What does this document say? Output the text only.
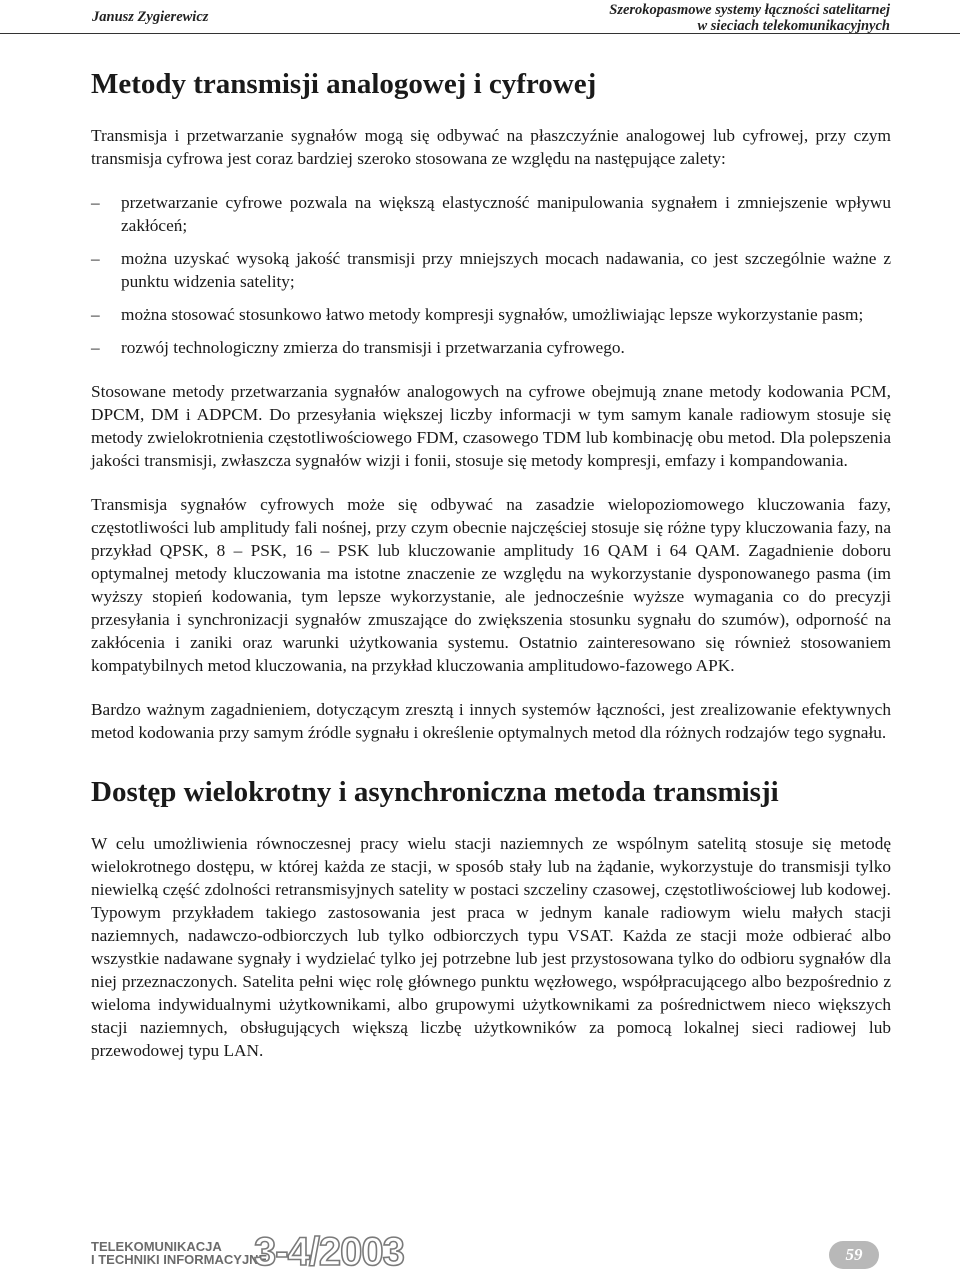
Janusz Zygierewicz	Szerokopasmowe systemy łączności satelitarnej
w sieciach telekomunikacyjnych
Metody transmisji analogowej i cyfrowej

Transmisja i przetwarzanie sygnałów mogą się odbywać na płaszczyźnie analogowej lub cyfrowej, przy czym transmisja cyfrowa jest coraz bardziej szeroko stosowana ze względu na następujące zalety:

– przetwarzanie cyfrowe pozwala na większą elastyczność manipulowania sygnałem i zmniejszenie wpływu zakłóceń;
– można uzyskać wysoką jakość transmisji przy mniejszych mocach nadawania, co jest szczególnie ważne z punktu widzenia satelity;
– można stosować stosunkowo łatwo metody kompresji sygnałów, umożliwiając lepsze wykorzystanie pasm;
– rozwój technologiczny zmierza do transmisji i przetwarzania cyfrowego.

Stosowane metody przetwarzania sygnałów analogowych na cyfrowe obejmują znane metody kodowania PCM, DPCM, DM i ADPCM. Do przesyłania większej liczby informacji w tym samym kanale radiowym stosuje się metody zwielokrotnienia częstotliwościowego FDM, czasowego TDM lub kombinację obu metod. Dla polepszenia jakości transmisji, zwłaszcza sygnałów wizji i fonii, stosuje się metody kompresji, emfazy i kompandowania.

Transmisja sygnałów cyfrowych może się odbywać na zasadzie wielopoziomowego kluczowania fazy, częstotliwości lub amplitudy fali nośnej, przy czym obecnie najczęściej stosuje się różne typy kluczowania fazy, na przykład QPSK, 8 – PSK, 16 – PSK lub kluczowanie amplitudy 16 QAM i 64 QAM. Zagadnienie doboru optymalnej metody kluczowania ma istotne znaczenie ze względu na wykorzystanie dysponowanego pasma (im wyższy stopień kodowania, tym lepsze wykorzystanie, ale jednocześnie wyższe wymagania co do precyzji przesyłania i synchronizacji sygnałów zmuszające do zwiększenia stosunku sygnału do szumów), odporność na zakłócenia i zaniki oraz warunki użytkowania systemu. Ostatnio zainteresowano się również stosowaniem kompatybilnych metod kluczowania, na przykład kluczowania amplitudowo-fazowego APK.

Bardzo ważnym zagadnieniem, dotyczącym zresztą i innych systemów łączności, jest zrealizowanie efektywnych metod kodowania przy samym źródle sygnału i określenie optymalnych metod dla różnych rodzajów tego sygnału.

Dostęp wielokrotny i asynchroniczna metoda transmisji

W celu umożliwienia równoczesnej pracy wielu stacji naziemnych ze wspólnym satelitą stosuje się metodę wielokrotnego dostępu, w której każda ze stacji, w sposób stały lub na żądanie, wykorzystuje do transmisji tylko niewielką część zdolności retransmisyjnych satelity w postaci szczeliny czasowej, częstotliwościowej lub kodowej. Typowym przykładem takiego zastosowania jest praca w jednym kanale radiowym wielu małych stacji naziemnych, nadawczo-odbiorczych lub tylko odbiorczych typu VSAT. Każda ze stacji może odbierać albo wszystkie nadawane sygnały i wydzielać tylko jej potrzebne lub jest przystosowana tylko do odbioru sygnałów dla niej przeznaczonych. Satelita pełni więc rolę głównego punktu węzłowego, współpracującego albo bezpośrednio z wieloma indywidualnymi użytkownikami, albo grupowymi użytkownikami za pośrednictwem nieco większych stacji naziemnych, obsługujących większą liczbę użytkowników za pomocą lokalnej sieci radiowej lub przewodowej typu LAN.

TELEKOMUNIKACJA
I TECHNIKI INFORMACYJNE
3-4/2003	59
